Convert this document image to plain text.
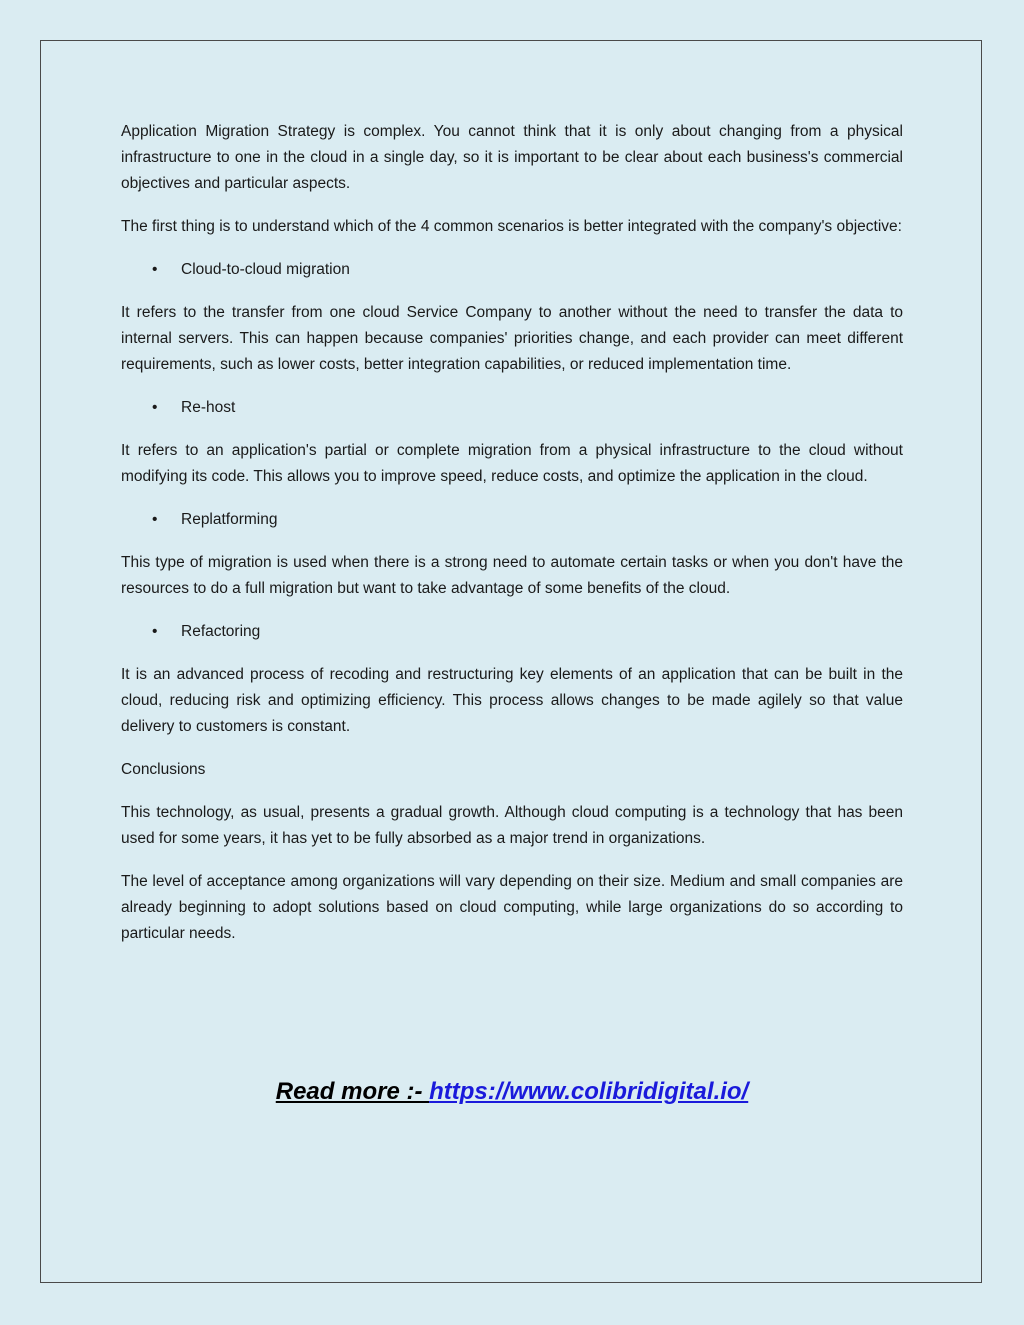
Application Migration Strategy is complex. You cannot think that it is only about changing from a physical infrastructure to one in the cloud in a single day, so it is important to be clear about each business's commercial objectives and particular aspects.

The first thing is to understand which of the 4 common scenarios is better integrated with the company's objective:

• Cloud-to-cloud migration

It refers to the transfer from one cloud Service Company to another without the need to transfer the data to internal servers. This can happen because companies' priorities change, and each provider can meet different requirements, such as lower costs, better integration capabilities, or reduced implementation time.

• Re-host

It refers to an application's partial or complete migration from a physical infrastructure to the cloud without modifying its code. This allows you to improve speed, reduce costs, and optimize the application in the cloud.

• Replatforming

This type of migration is used when there is a strong need to automate certain tasks or when you don't have the resources to do a full migration but want to take advantage of some benefits of the cloud.

• Refactoring

It is an advanced process of recoding and restructuring key elements of an application that can be built in the cloud, reducing risk and optimizing efficiency. This process allows changes to be made agilely so that value delivery to customers is constant.

Conclusions

This technology, as usual, presents a gradual growth. Although cloud computing is a technology that has been used for some years, it has yet to be fully absorbed as a major trend in organizations.

The level of acceptance among organizations will vary depending on their size. Medium and small companies are already beginning to adopt solutions based on cloud computing, while large organizations do so according to particular needs.

Read more :- https://www.colibridigital.io/
